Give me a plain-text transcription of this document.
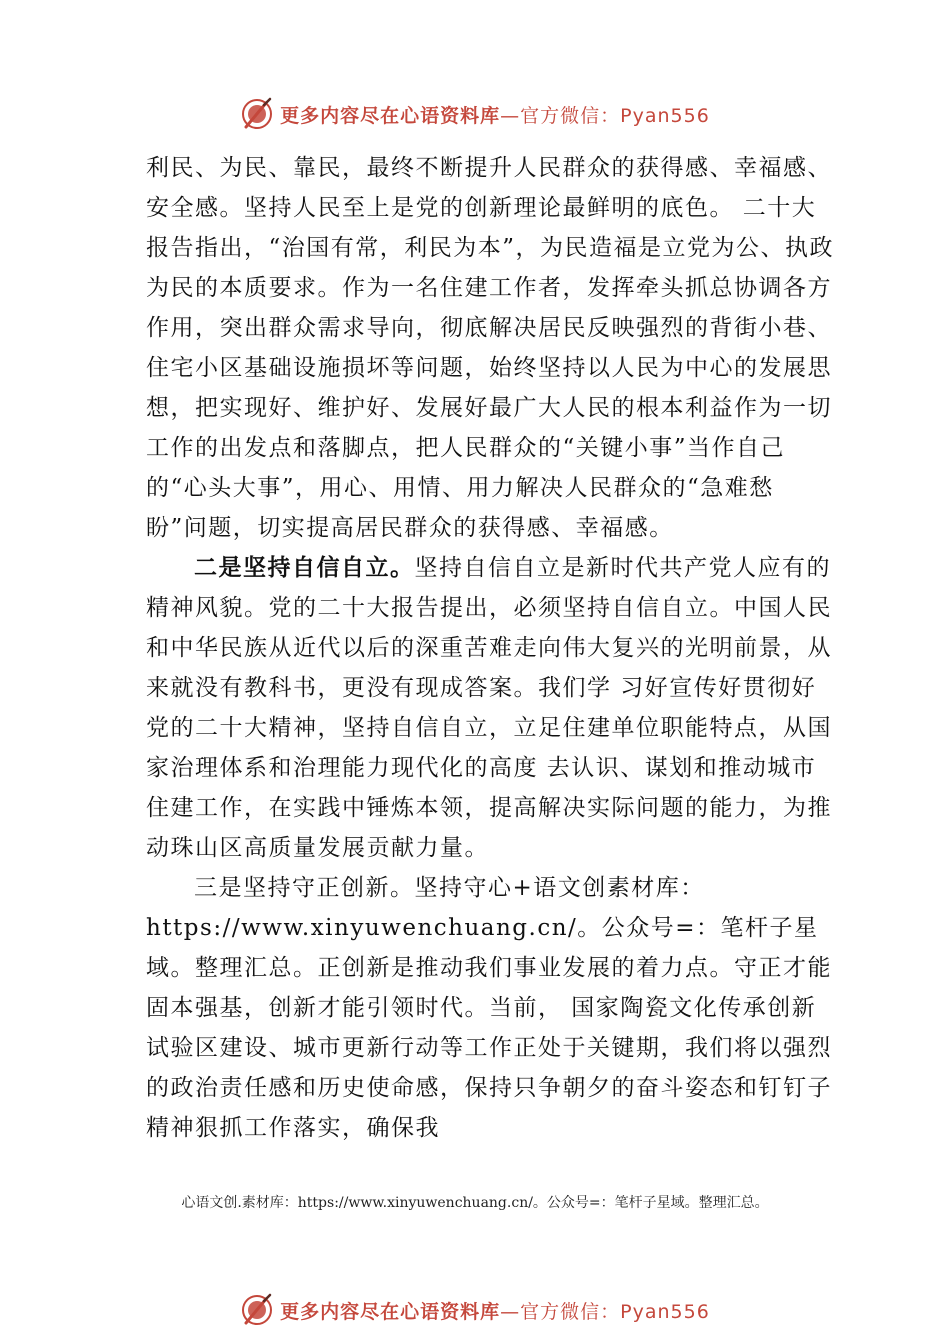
更多内容尽在心语资料库 —官方微信：Pyan556

利民、为民、靠民，最终不断提升人民群众的获得感、幸福感、安全感。坚持人民至上是党的创新理论最鲜明的底色。 二十大报告指出，“治国有常，利民为本”，为民造福是立党为公、执政为民的本质要求。作为一名住建工作者，发挥牵头抓总协调各方作用，突出群众需求导向，彻底解决居民反映强烈的背街小巷、住宅小区基础设施损坏等问题，始终坚持以人民为中心的发展思想，把实现好、维护好、发展好最广大人民的根本利益作为一切工作的出发点和落脚点，把人民群众的“关键小事”当作自己的“心头大事”，用心、用情、用力解决人民群众的“急难愁盼”问题，切实提高居民群众的获得感、幸福感。

二是坚持自信自立。坚持自信自立是新时代共产党人应有的精神风貌。党的二十大报告提出，必须坚持自信自立。中国人民和中华民族从近代以后的深重苦难走向伟大复兴的光明前景，从来就没有教科书，更没有现成答案。我们学 习好宣传好贯彻好党的二十大精神，坚持自信自立，立足住建单位职能特点，从国家治理体系和治理能力现代化的高度 去认识、谋划和推动城市住建工作，在实践中锤炼本领，提高解决实际问题的能力，为推动珠山区高质量发展贡献力量。

三是坚持守正创新。坚持守心+语文创素材库：https://www.xinyuwenchuang.cn/。公众号=：笔杆子星域。整理汇总。正创新是推动我们事业发展的着力点。守正才能固本强基，创新才能引领时代。当前， 国家陶瓷文化传承创新试验区建设、城市更新行动等工作正处于关键期，我们将以强烈的政治责任感和历史使命感，保持只争朝夕的奋斗姿态和钉钉子精神狠抓工作落实，确保我

心语文创.素材库：https://www.xinyuwenchuang.cn/。公众号=：笔杆子星域。整理汇总。
更多内容尽在心语资料库 —官方微信：Pyan556
